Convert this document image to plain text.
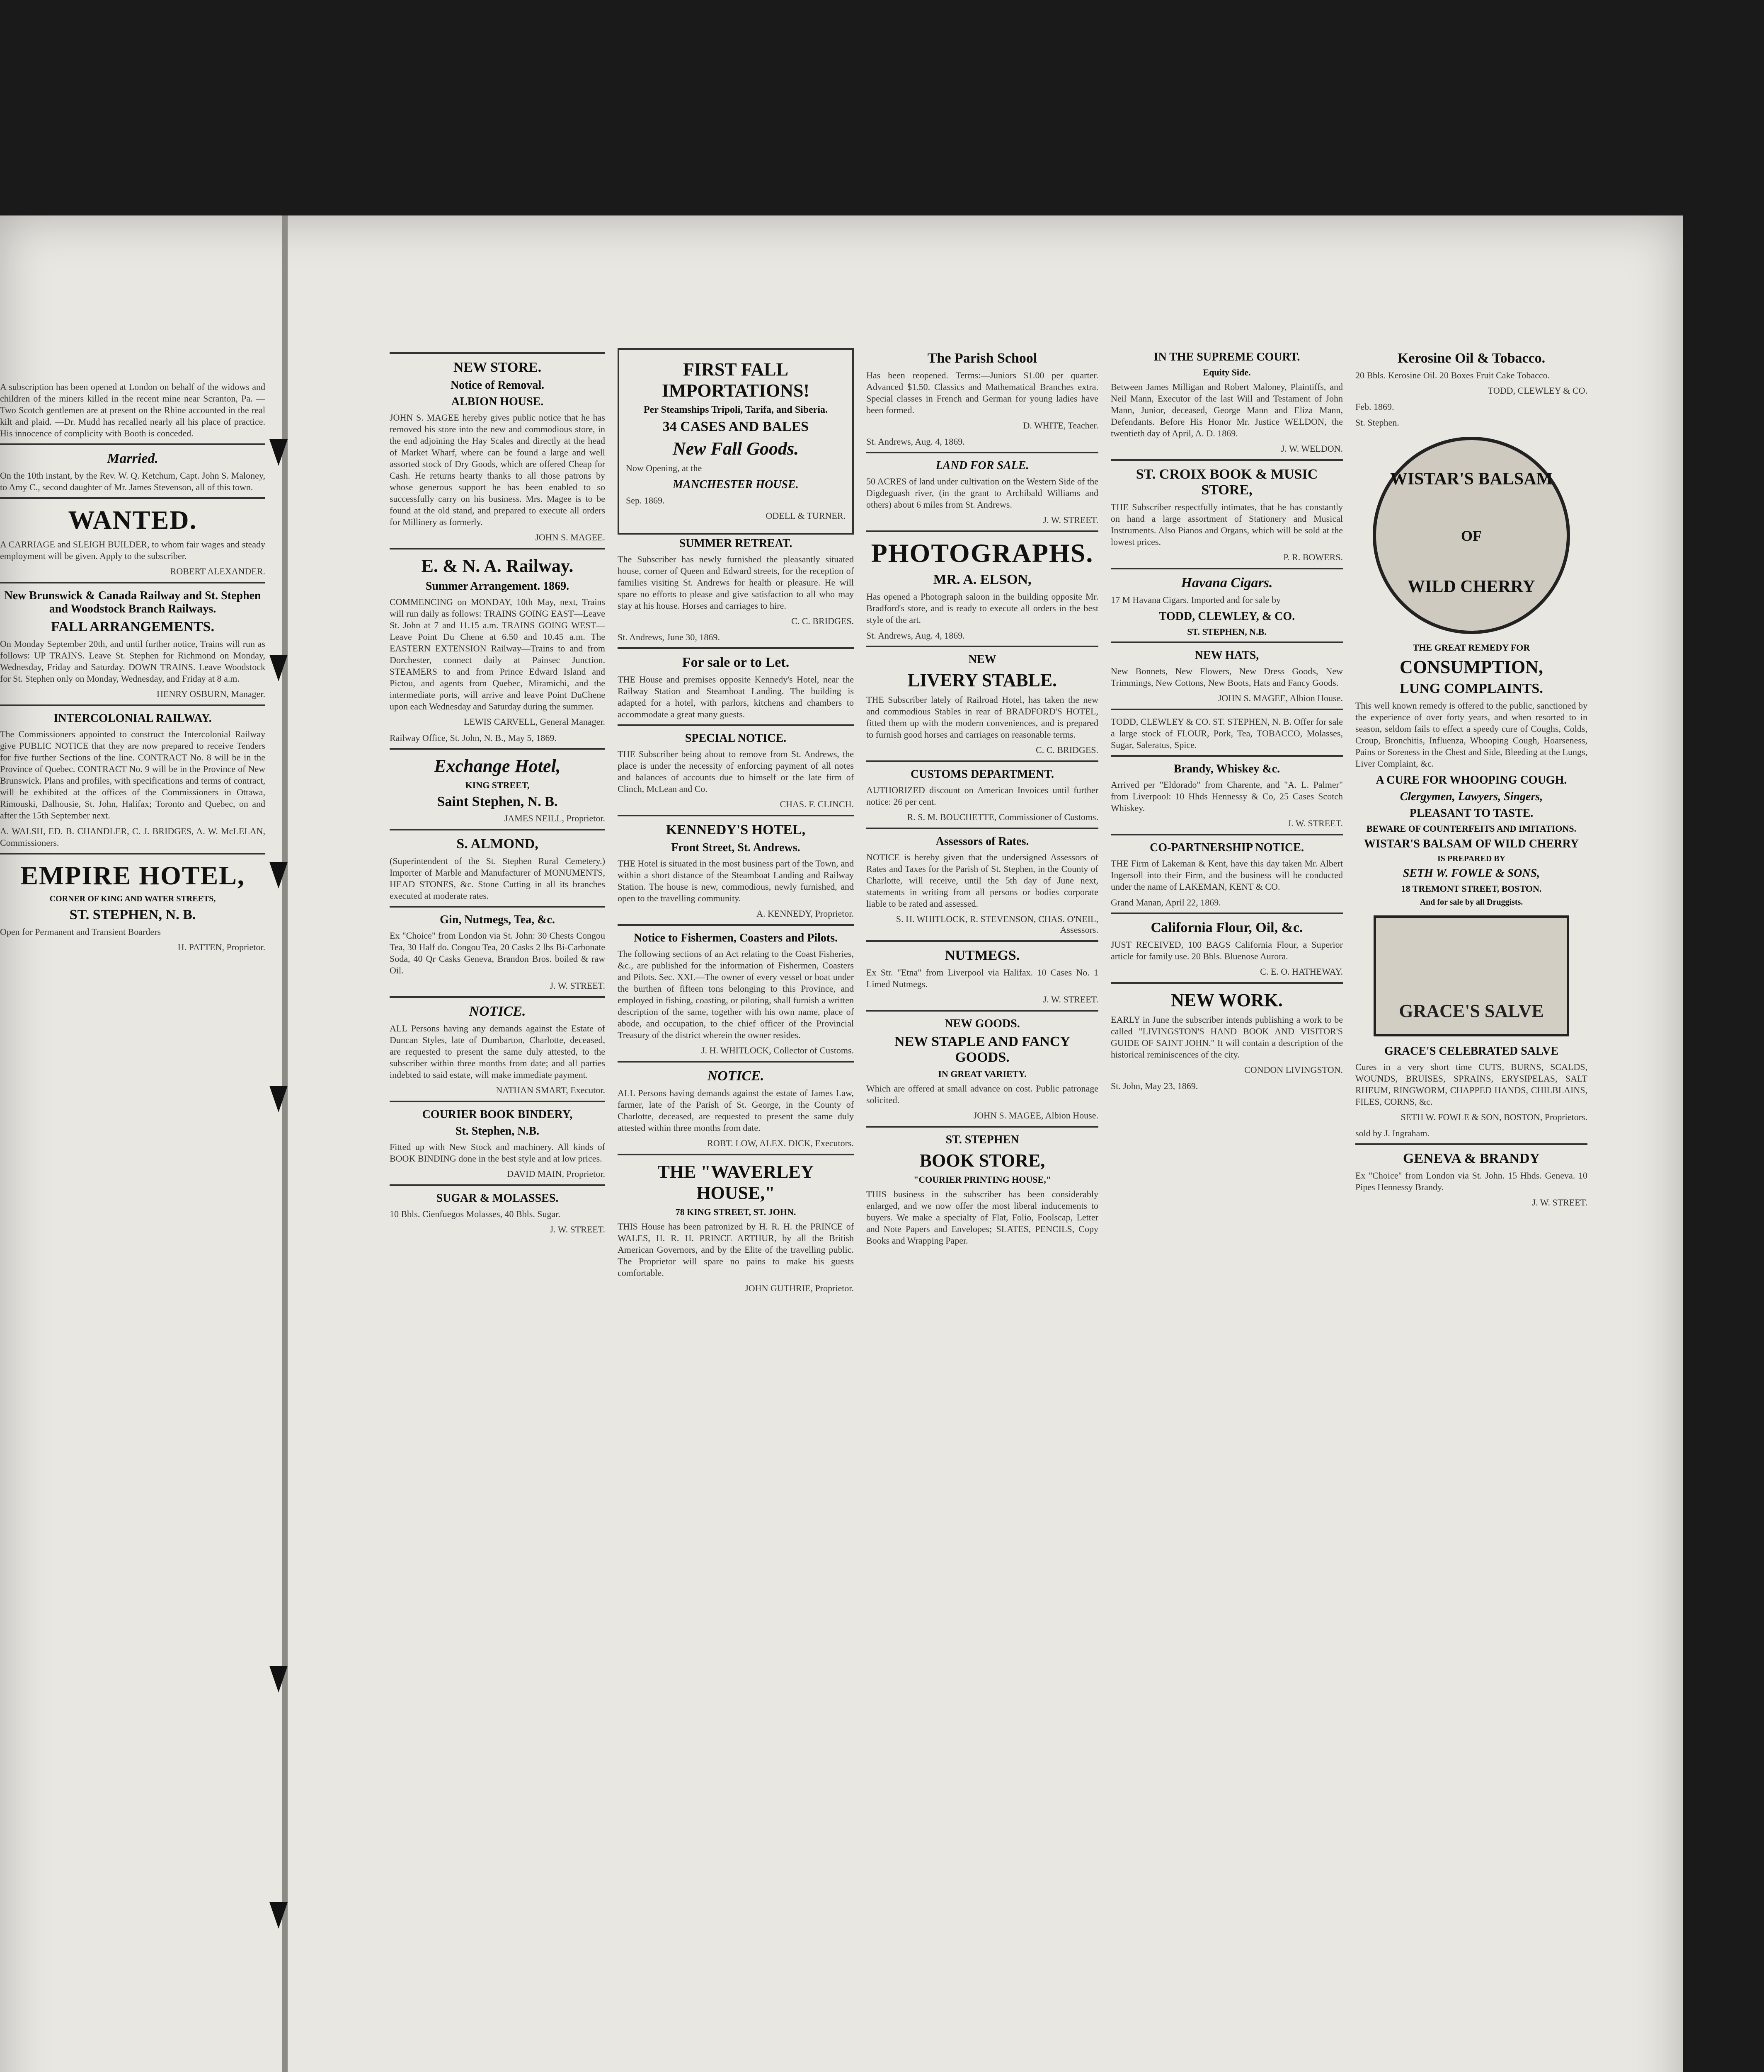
A subscription has been opened at London on behalf of the widows and children of the miners killed in the recent mine near Scranton, Pa. —Two Scotch gentlemen are at present on the Rhine accounted in the real kilt and plaid. —Dr. Mudd has recalled nearly all his place of practice. His innocence of complicity with Booth is conceded.

Married.

On the 10th instant, by the Rev. W. Q. Ketchum, Capt. John S. Maloney, to Amy C., second daughter of Mr. James Stevenson, all of this town.

WANTED.

A CARRIAGE and SLEIGH BUILDER, to whom fair wages and steady employment will be given. Apply to the subscriber.

ROBERT ALEXANDER.
New Brunswick & Canada Railway and St. Stephen and Woodstock Branch Railways.
FALL ARRANGEMENTS.

On Monday September 20th, and until further notice, Trains will run as follows: UP TRAINS. Leave St. Stephen for Richmond on Monday, Wednesday, Friday and Saturday. DOWN TRAINS. Leave Woodstock for St. Stephen only on Monday, Wednesday, and Friday at 8 a.m.

HENRY OSBURN, Manager.
INTERCOLONIAL RAILWAY.

The Commissioners appointed to construct the Intercolonial Railway give PUBLIC NOTICE that they are now prepared to receive Tenders for five further Sections of the line. CONTRACT No. 8 will be in the Province of Quebec. CONTRACT No. 9 will be in the Province of New Brunswick. Plans and profiles, with specifications and terms of contract, will be exhibited at the offices of the Commissioners in Ottawa, Rimouski, Dalhousie, St. John, Halifax; Toronto and Quebec, on and after the 15th September next.

A. WALSH, ED. B. CHANDLER, C. J. BRIDGES, A. W. McLELAN, Commissioners.

EMPIRE HOTEL,
CORNER OF KING AND WATER STREETS,
ST. STEPHEN, N. B.

Open for Permanent and Transient Boarders

H. PATTEN, Proprietor.
NEW STORE.
Notice of Removal.
ALBION HOUSE.

JOHN S. MAGEE hereby gives public notice that he has removed his store into the new and commodious store, in the end adjoining the Hay Scales and directly at the head of Market Wharf, where can be found a large and well assorted stock of Dry Goods, which are offered Cheap for Cash. He returns hearty thanks to all those patrons by whose generous support he has been enabled to so successfully carry on his business. Mrs. Magee is to be found at the old stand, and prepared to execute all orders for Millinery as formerly.

JOHN S. MAGEE.
E. & N. A. Railway.
Summer Arrangement. 1869.

COMMENCING on MONDAY, 10th May, next, Trains will run daily as follows: TRAINS GOING EAST—Leave St. John at 7 and 11.15 a.m. TRAINS GOING WEST—Leave Point Du Chene at 6.50 and 10.45 a.m. The EASTERN EXTENSION Railway—Trains to and from Dorchester, connect daily at Painsec Junction. STEAMERS to and from Prince Edward Island and Pictou, and agents from Quebec, Miramichi, and the intermediate ports, will arrive and leave Point DuChene upon each Wednesday and Saturday during the summer.

LEWIS CARVELL, General Manager.

Railway Office, St. John, N. B., May 5, 1869.

Exchange Hotel,
KING STREET,
Saint Stephen, N. B.
JAMES NEILL, Proprietor.
S. ALMOND,

(Superintendent of the St. Stephen Rural Cemetery.) Importer of Marble and Manufacturer of MONUMENTS, HEAD STONES, &c. Stone Cutting in all its branches executed at moderate rates.

Gin, Nutmegs, Tea, &c.

Ex "Choice" from London via St. John: 30 Chests Congou Tea, 30 Half do. Congou Tea, 20 Casks 2 lbs Bi-Carbonate Soda, 40 Qr Casks Geneva, Brandon Bros. boiled & raw Oil.

J. W. STREET.
NOTICE.

ALL Persons having any demands against the Estate of Duncan Styles, late of Dumbarton, Charlotte, deceased, are requested to present the same duly attested, to the subscriber within three months from date; and all parties indebted to said estate, will make immediate payment.

NATHAN SMART, Executor.
COURIER BOOK BINDERY,
St. Stephen, N.B.

Fitted up with New Stock and machinery. All kinds of BOOK BINDING done in the best style and at low prices.

DAVID MAIN, Proprietor.
SUGAR & MOLASSES.

10 Bbls. Cienfuegos Molasses, 40 Bbls. Sugar.

J. W. STREET.
FIRST FALL IMPORTATIONS!
Per Steamships Tripoli, Tarifa, and Siberia.
34 CASES AND BALES
New Fall Goods.

Now Opening, at the

MANCHESTER HOUSE.

Sep. 1869.

ODELL & TURNER.
SUMMER RETREAT.

The Subscriber has newly furnished the pleasantly situated house, corner of Queen and Edward streets, for the reception of families visiting St. Andrews for health or pleasure. He will spare no efforts to please and give satisfaction to all who may stay at his house. Horses and carriages to hire.

C. C. BRIDGES.

St. Andrews, June 30, 1869.

For sale or to Let.

THE House and premises opposite Kennedy's Hotel, near the Railway Station and Steamboat Landing. The building is adapted for a hotel, with parlors, kitchens and chambers to accommodate a great many guests.

SPECIAL NOTICE.

THE Subscriber being about to remove from St. Andrews, the place is under the necessity of enforcing payment of all notes and balances of accounts due to himself or the late firm of Clinch, McLean and Co.

CHAS. F. CLINCH.
KENNEDY'S HOTEL,
Front Street, St. Andrews.

THE Hotel is situated in the most business part of the Town, and within a short distance of the Steamboat Landing and Railway Station. The house is new, commodious, newly furnished, and open to the travelling community.

A. KENNEDY, Proprietor.
Notice to Fishermen, Coasters and Pilots.

The following sections of an Act relating to the Coast Fisheries, &c., are published for the information of Fishermen, Coasters and Pilots. Sec. XXI.—The owner of every vessel or boat under the burthen of fifteen tons belonging to this Province, and employed in fishing, coasting, or piloting, shall furnish a written description of the same, together with his own name, place of abode, and occupation, to the chief officer of the Provincial Treasury of the district wherein the owner resides.

J. H. WHITLOCK, Collector of Customs.
NOTICE.

ALL Persons having demands against the estate of James Law, farmer, late of the Parish of St. George, in the County of Charlotte, deceased, are requested to present the same duly attested within three months from date.

ROBT. LOW, ALEX. DICK, Executors.
THE "WAVERLEY HOUSE,"
78 KING STREET, ST. JOHN.

THIS House has been patronized by H. R. H. the PRINCE of WALES, H. R. H. PRINCE ARTHUR, by all the British American Governors, and by the Elite of the travelling public. The Proprietor will spare no pains to make his guests comfortable.

JOHN GUTHRIE, Proprietor.
The Parish School

Has been reopened. Terms:—Juniors $1.00 per quarter. Advanced $1.50. Classics and Mathematical Branches extra. Special classes in French and German for young ladies have been formed.

D. WHITE, Teacher.

St. Andrews, Aug. 4, 1869.

LAND FOR SALE.

50 ACRES of land under cultivation on the Western Side of the Digdeguash river, (in the grant to Archibald Williams and others) about 6 miles from St. Andrews.

J. W. STREET.
PHOTOGRAPHS.
MR. A. ELSON,

Has opened a Photograph saloon in the building opposite Mr. Bradford's store, and is ready to execute all orders in the best style of the art.

St. Andrews, Aug. 4, 1869.

NEW
LIVERY STABLE.

THE Subscriber lately of Railroad Hotel, has taken the new and commodious Stables in rear of BRADFORD'S HOTEL, fitted them up with the modern conveniences, and is prepared to furnish good horses and carriages on reasonable terms.

C. C. BRIDGES.
CUSTOMS DEPARTMENT.

AUTHORIZED discount on American Invoices until further notice: 26 per cent.

R. S. M. BOUCHETTE, Commissioner of Customs.
Assessors of Rates.

NOTICE is hereby given that the undersigned Assessors of Rates and Taxes for the Parish of St. Stephen, in the County of Charlotte, will receive, until the 5th day of June next, statements in writing from all persons or bodies corporate liable to be rated and assessed.

S. H. WHITLOCK, R. STEVENSON, CHAS. O'NEIL, Assessors.
NUTMEGS.

Ex Str. "Etna" from Liverpool via Halifax. 10 Cases No. 1 Limed Nutmegs.

J. W. STREET.
NEW GOODS.
NEW STAPLE AND FANCY GOODS.
IN GREAT VARIETY.

Which are offered at small advance on cost. Public patronage solicited.

JOHN S. MAGEE, Albion House.
ST. STEPHEN
BOOK STORE,
"COURIER PRINTING HOUSE,"

THIS business in the subscriber has been considerably enlarged, and we now offer the most liberal inducements to buyers. We make a specialty of Flat, Folio, Foolscap, Letter and Note Papers and Envelopes; SLATES, PENCILS, Copy Books and Wrapping Paper.

IN THE SUPREME COURT.
Equity Side.

Between James Milligan and Robert Maloney, Plaintiffs, and Neil Mann, Executor of the last Will and Testament of John Mann, Junior, deceased, George Mann and Eliza Mann, Defendants. Before His Honor Mr. Justice WELDON, the twentieth day of April, A. D. 1869.

J. W. WELDON.
ST. CROIX BOOK & MUSIC STORE,

THE Subscriber respectfully intimates, that he has constantly on hand a large assortment of Stationery and Musical Instruments. Also Pianos and Organs, which will be sold at the lowest prices.

P. R. BOWERS.
Havana Cigars.

17 M Havana Cigars. Imported and for sale by

TODD, CLEWLEY, & CO.
ST. STEPHEN, N.B.
NEW HATS,

New Bonnets, New Flowers, New Dress Goods, New Trimmings, New Cottons, New Boots, Hats and Fancy Goods.

JOHN S. MAGEE, Albion House.

TODD, CLEWLEY & CO. ST. STEPHEN, N. B. Offer for sale a large stock of FLOUR, Pork, Tea, TOBACCO, Molasses, Sugar, Saleratus, Spice.

Brandy, Whiskey &c.

Arrived per "Eldorado" from Charente, and "A. L. Palmer" from Liverpool: 10 Hhds Hennessy & Co, 25 Cases Scotch Whiskey.

J. W. STREET.
CO-PARTNERSHIP NOTICE.

THE Firm of Lakeman & Kent, have this day taken Mr. Albert Ingersoll into their Firm, and the business will be conducted under the name of LAKEMAN, KENT & CO.

Grand Manan, April 22, 1869.

California Flour, Oil, &c.

JUST RECEIVED, 100 BAGS California Flour, a Superior article for family use. 20 Bbls. Bluenose Aurora.

C. E. O. HATHEWAY.
NEW WORK.

EARLY in June the subscriber intends publishing a work to be called "LIVINGSTON'S HAND BOOK AND VISITOR'S GUIDE OF SAINT JOHN." It will contain a description of the historical reminiscences of the city.

CONDON LIVINGSTON.

St. John, May 23, 1869.

Kerosine Oil & Tobacco.

20 Bbls. Kerosine Oil. 20 Boxes Fruit Cake Tobacco.

TODD, CLEWLEY & CO.

Feb. 1869.

St. Stephen.

WISTAR'S BALSAM
OF
WILD CHERRY
THE GREAT REMEDY FOR
CONSUMPTION,
LUNG COMPLAINTS.

This well known remedy is offered to the public, sanctioned by the experience of over forty years, and when resorted to in season, seldom fails to effect a speedy cure of Coughs, Colds, Croup, Bronchitis, Influenza, Whooping Cough, Hoarseness, Pains or Soreness in the Chest and Side, Bleeding at the Lungs, Liver Complaint, &c.

A CURE FOR WHOOPING COUGH.
Clergymen, Lawyers, Singers,
PLEASANT TO TASTE.
BEWARE OF COUNTERFEITS AND IMITATIONS.
WISTAR'S BALSAM OF WILD CHERRY
IS PREPARED BY
SETH W. FOWLE & SONS,
18 TREMONT STREET, BOSTON.
And for sale by all Druggists.
GRACE'S SALVE
GRACE'S CELEBRATED SALVE

Cures in a very short time CUTS, BURNS, SCALDS, WOUNDS, BRUISES, SPRAINS, ERYSIPELAS, SALT RHEUM, RINGWORM, CHAPPED HANDS, CHILBLAINS, FILES, CORNS, &c.

SETH W. FOWLE & SON, BOSTON, Proprietors.

sold by J. Ingraham.

GENEVA & BRANDY

Ex "Choice" from London via St. John. 15 Hhds. Geneva. 10 Pipes Hennessy Brandy.

J. W. STREET.
